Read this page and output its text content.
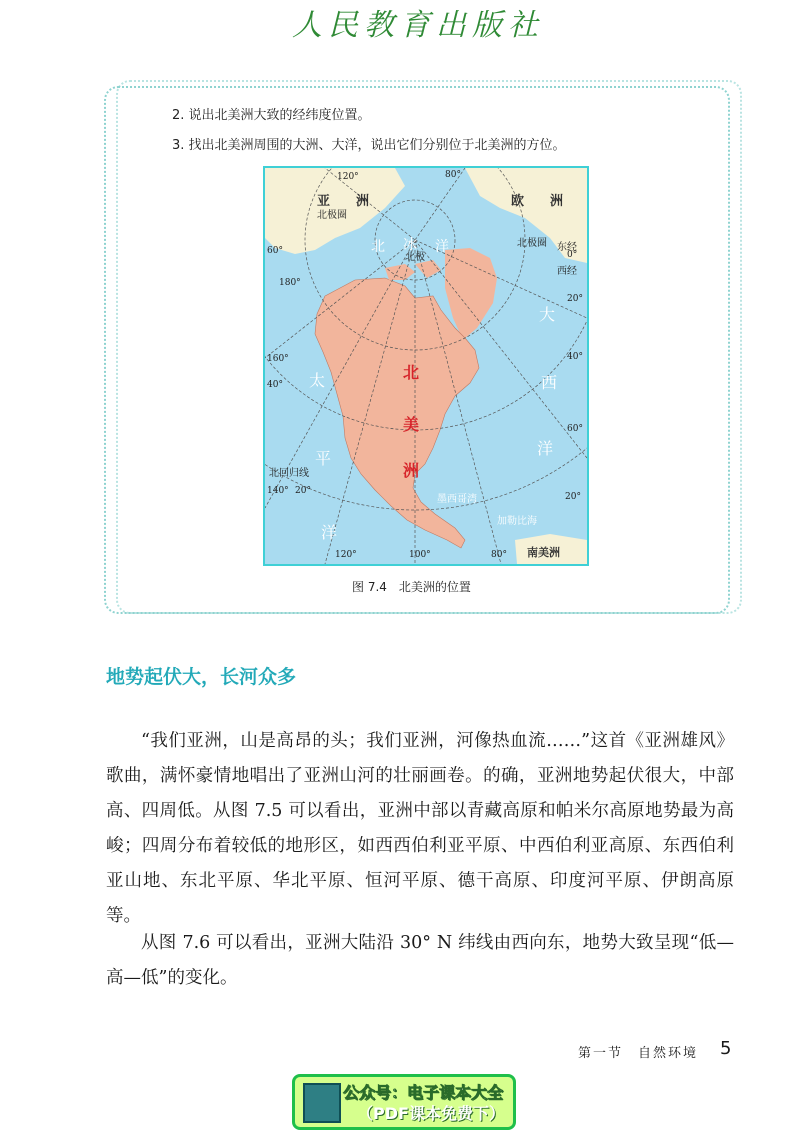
人民教育出版社
2. 说出北美洲大致的经纬度位置。
3. 找出北美洲周围的大洲、大洋，说出它们分别位于北美洲的方位。
亚　　洲	欧　　洲
北极
北 冰 洋
北
美
洲
太
平
洋
大
西
洋
墨西哥湾
加勒比海
南美洲
北极圈
北极圈
北回归线
东经
西经
0°
180°
120°	80°
60°
160°
40°
140° 20°
20°
40°
60°
20°
120°	100°	80°
图 7.4　北美洲的位置
地势起伏大，长河众多
“我们亚洲，山是高昂的头；我们亚洲，河像热血流……”这首《亚洲雄风》歌曲，满怀豪情地唱出了亚洲山河的壮丽画卷。的确，亚洲地势起伏很大，中部高、四周低。从图 7.5 可以看出，亚洲中部以青藏高原和帕米尔高原地势最为高峻；四周分布着较低的地形区，如西西伯利亚平原、中西伯利亚高原、东西伯利亚山地、东北平原、华北平原、恒河平原、德干高原、印度河平原、伊朗高原等。
从图 7.6 可以看出，亚洲大陆沿 30° N 纬线由西向东，地势大致呈现“低—高—低”的变化。
第一节　自然环境 5
公众号：电子课本大全
（PDF课本免费下）
